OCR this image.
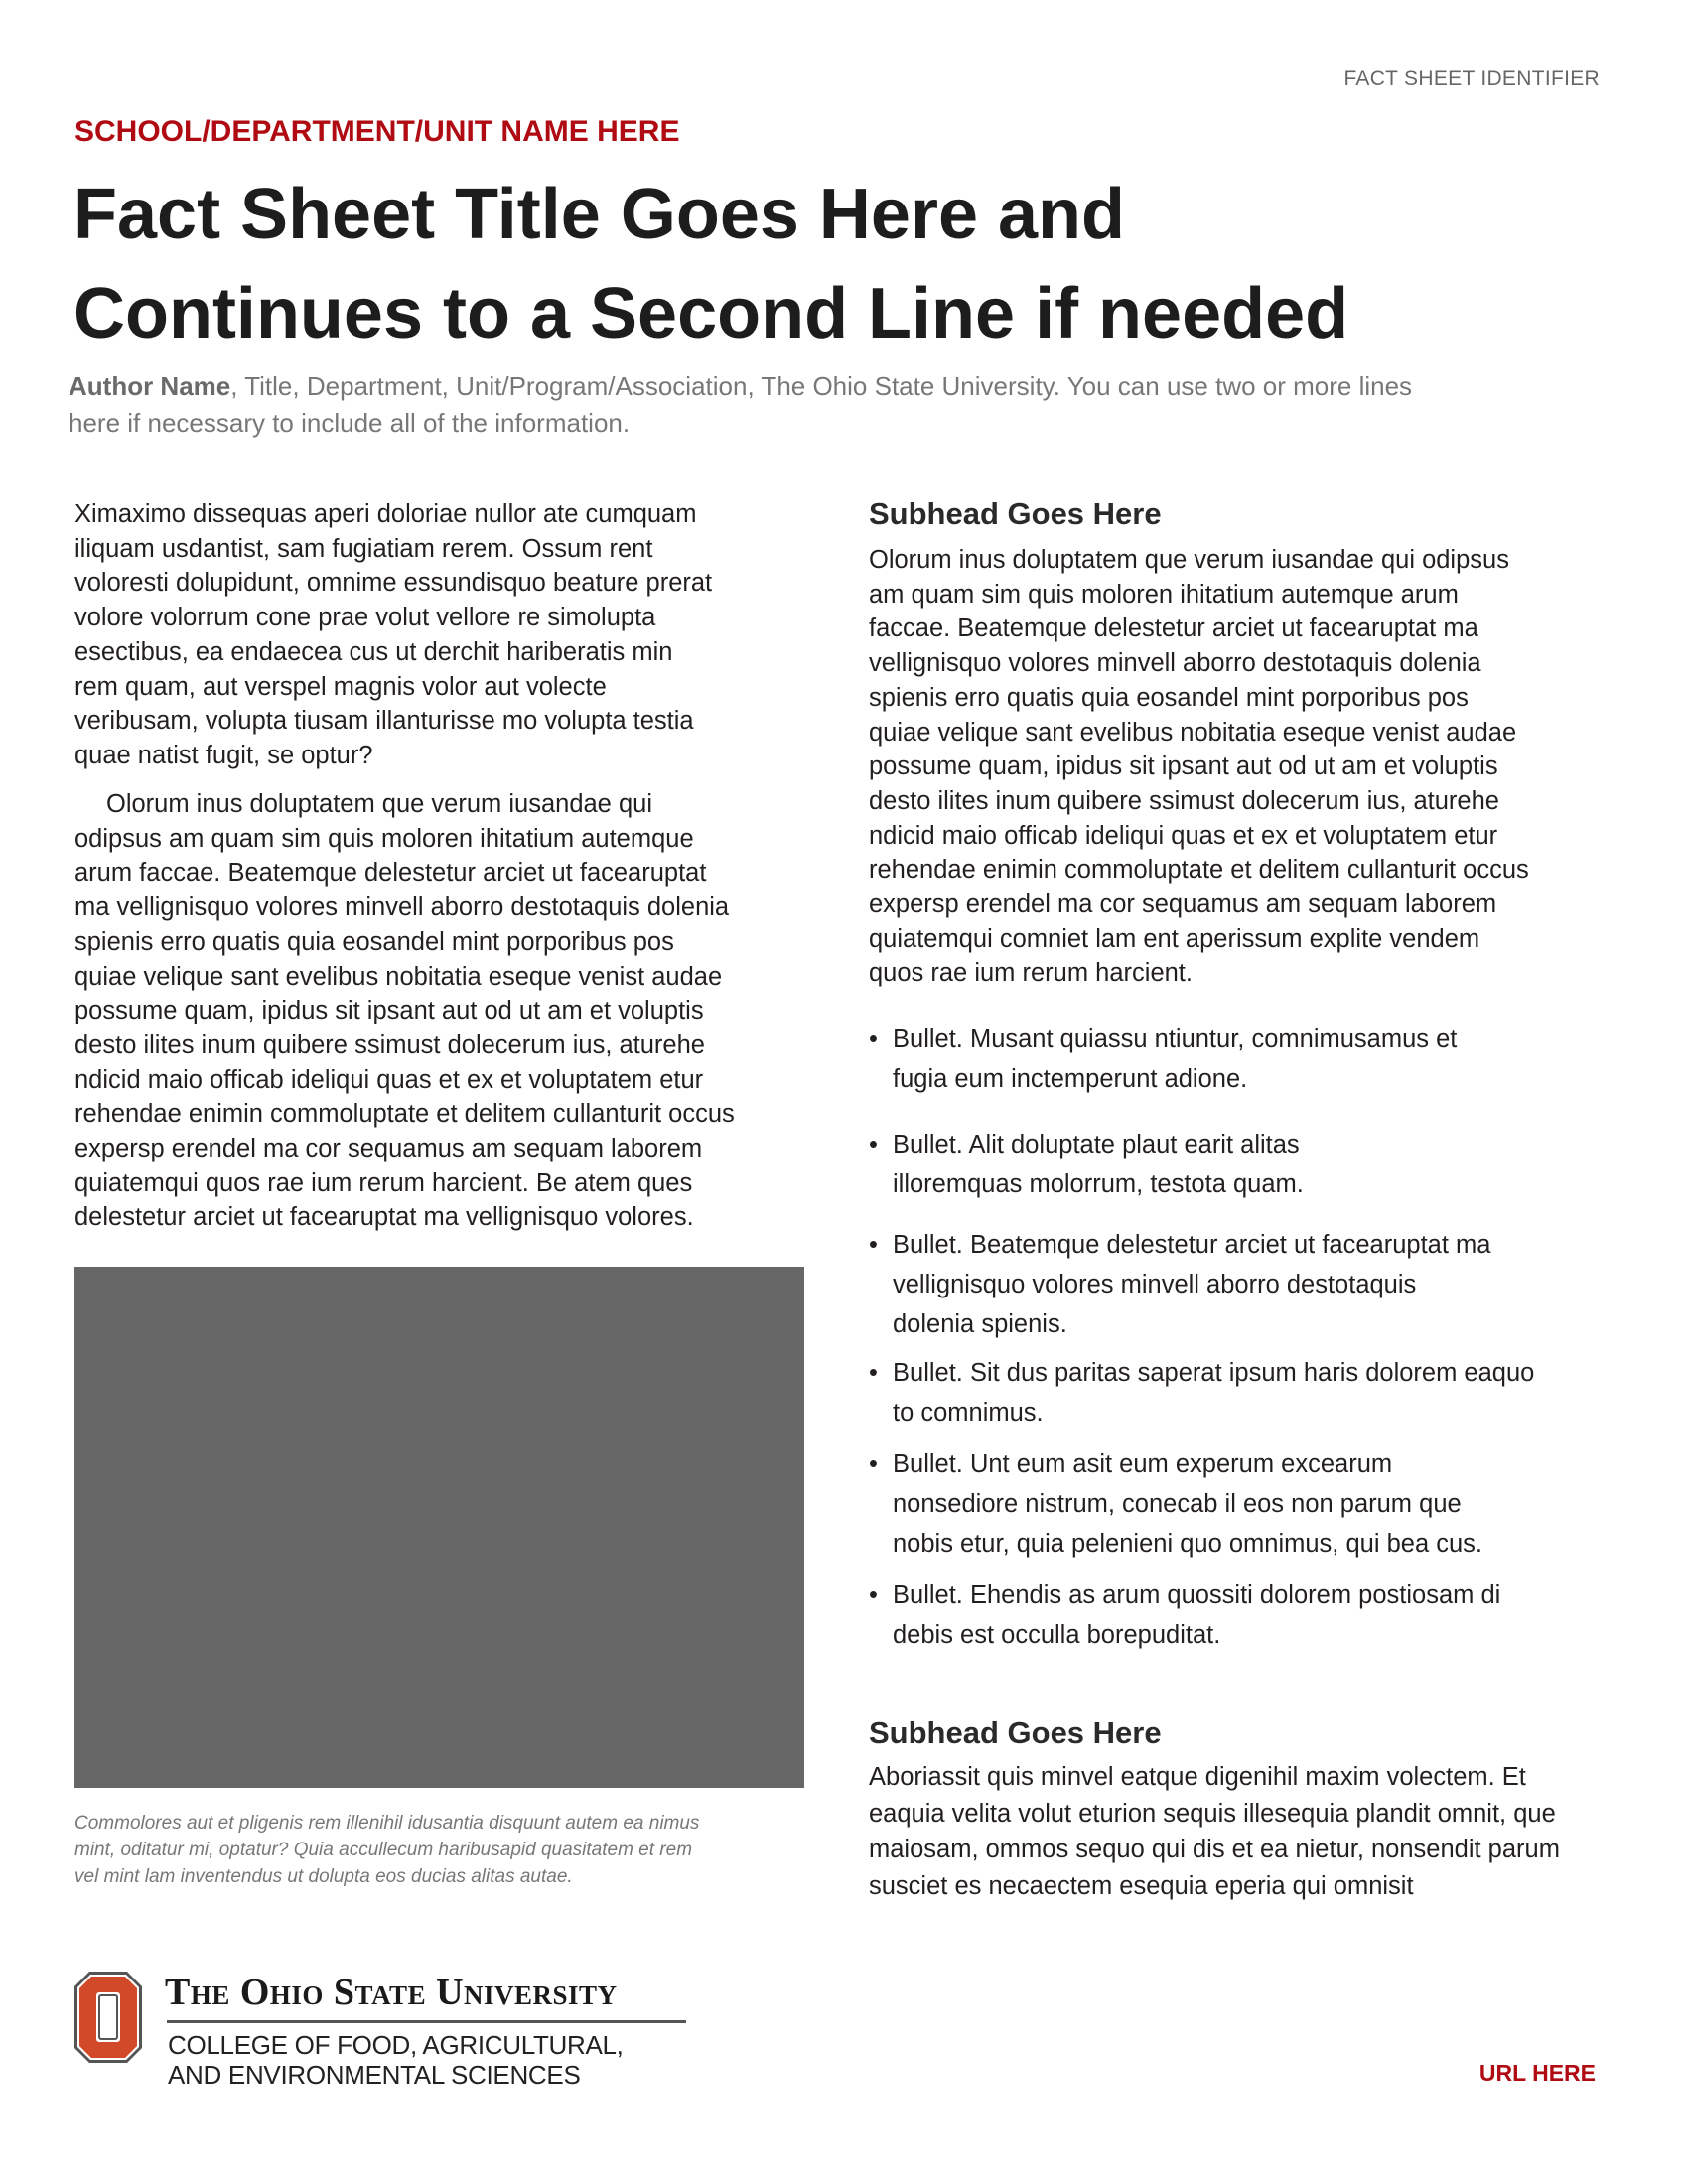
FACT SHEET IDENTIFIER
SCHOOL/DEPARTMENT/UNIT NAME HERE
Fact Sheet Title Goes Here and
Continues to a Second Line if needed
Author Name, Title, Department, Unit/Program/Association, The Ohio State University. You can use two or more lines
here if necessary to include all of the information.
Ximaximo dissequas aperi doloriae nullor ate cumquam
iliquam usdantist, sam fugiatiam rerem. Ossum rent
voloresti dolupidunt, omnime essundisquo beature prerat
volore volorrum cone prae volut vellore re simolupta
esectibus, ea endaecea cus ut derchit hariberatis min
rem quam, aut verspel magnis volor aut volecte
veribusam, volupta tiusam illanturisse mo volupta testia
quae natist fugit, se optur?
Olorum inus doluptatem que verum iusandae qui
odipsus am quam sim quis moloren ihitatium autemque
arum faccae. Beatemque delestetur arciet ut facearuptat
ma vellignisquo volores minvell aborro destotaquis dolenia
spienis erro quatis quia eosandel mint porporibus pos
quiae velique sant evelibus nobitatia eseque venist audae
possume quam, ipidus sit ipsant aut od ut am et voluptis
desto ilites inum quibere ssimust dolecerum ius, aturehe
ndicid maio officab ideliqui quas et ex et voluptatem etur
rehendae enimin commoluptate et delitem cullanturit occus
expersp erendel ma cor sequamus am sequam laborem
quiatemqui quos rae ium rerum harcient. Be atem ques
delestetur arciet ut facearuptat ma vellignisquo volores.
Commolores aut et pligenis rem illenihil idusantia disquunt autem ea nimus
mint, oditatur mi, optatur? Quia accullecum haribusapid quasitatem et rem
vel mint lam inventendus ut dolupta eos ducias alitas autae.
Subhead Goes Here
Olorum inus doluptatem que verum iusandae qui odipsus
am quam sim quis moloren ihitatium autemque arum
faccae. Beatemque delestetur arciet ut facearuptat ma
vellignisquo volores minvell aborro destotaquis dolenia
spienis erro quatis quia eosandel mint porporibus pos
quiae velique sant evelibus nobitatia eseque venist audae
possume quam, ipidus sit ipsant aut od ut am et voluptis
desto ilites inum quibere ssimust dolecerum ius, aturehe
ndicid maio officab ideliqui quas et ex et voluptatem etur
rehendae enimin commoluptate et delitem cullanturit occus
expersp erendel ma cor sequamus am sequam laborem
quiatemqui comniet lam ent aperissum explite vendem
quos rae ium rerum harcient.
• Bullet. Musant quiassu ntiuntur, comnimusamus et
fugia eum inctemperunt adione.
• Bullet. Alit doluptate plaut earit alitas
illoremquas molorrum, testota quam.
• Bullet. Beatemque delestetur arciet ut facearuptat ma
vellignisquo volores minvell aborro destotaquis
dolenia spienis.
• Bullet. Sit dus paritas saperat ipsum haris dolorem eaquo
to comnimus.
• Bullet. Unt eum asit eum experum excearum
nonsediore nistrum, conecab il eos non parum que
nobis etur, quia pelenieni quo omnimus, qui bea cus.
• Bullet. Ehendis as arum quossiti dolorem postiosam di
debis est occulla borepuditat.
Subhead Goes Here
Aboriassit quis minvel eatque digenihil maxim volectem. Et
eaquia velita volut eturion sequis illesequia plandit omnit, que
maiosam, ommos sequo qui dis et ea nietur, nonsendit parum
susciet es necaectem esequia eperia qui omnisit
The Ohio State University
COLLEGE OF FOOD, AGRICULTURAL,
AND ENVIRONMENTAL SCIENCES	URL HERE
